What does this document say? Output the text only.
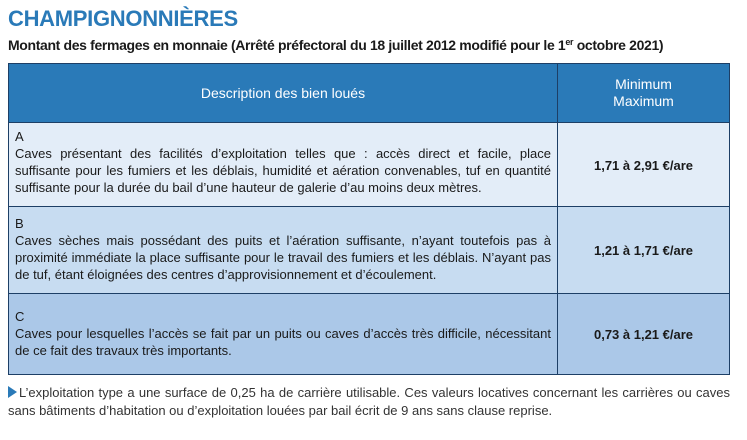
CHAMPIGNONNIÈRES
Montant des fermages en monnaie (Arrêté préfectoral du 18 juillet 2012 modifié pour le 1er octobre 2021)
Description des bien loués
Minimum
Maximum
A
Caves présentant des facilités d’exploitation telles que : accès direct et facile, place suffisante pour les fumiers et les déblais, humidité et aération convenables, tuf en quantité suffisante pour la durée du bail d’une hauteur de galerie d’au moins deux mètres.
1,71 à 2,91 €/are
B
Caves sèches mais possédant des puits et l’aération suffisante, n’ayant toutefois pas à proximité immédiate la place suffisante pour le travail des fumiers et les déblais. N’ayant pas de tuf, étant éloignées des centres d’approvisionnement et d’écoulement.
1,21 à 1,71 €/are
C
Caves pour lesquelles l’accès se fait par un puits ou caves d’accès très difficile, nécessitant de ce fait des travaux très importants.
0,73 à 1,21 €/are
L’exploitation type a une surface de 0,25 ha de carrière utilisable. Ces valeurs locatives concernant les carrières ou caves sans bâtiments d’habitation ou d’exploitation louées par bail écrit de 9 ans sans clause reprise.
